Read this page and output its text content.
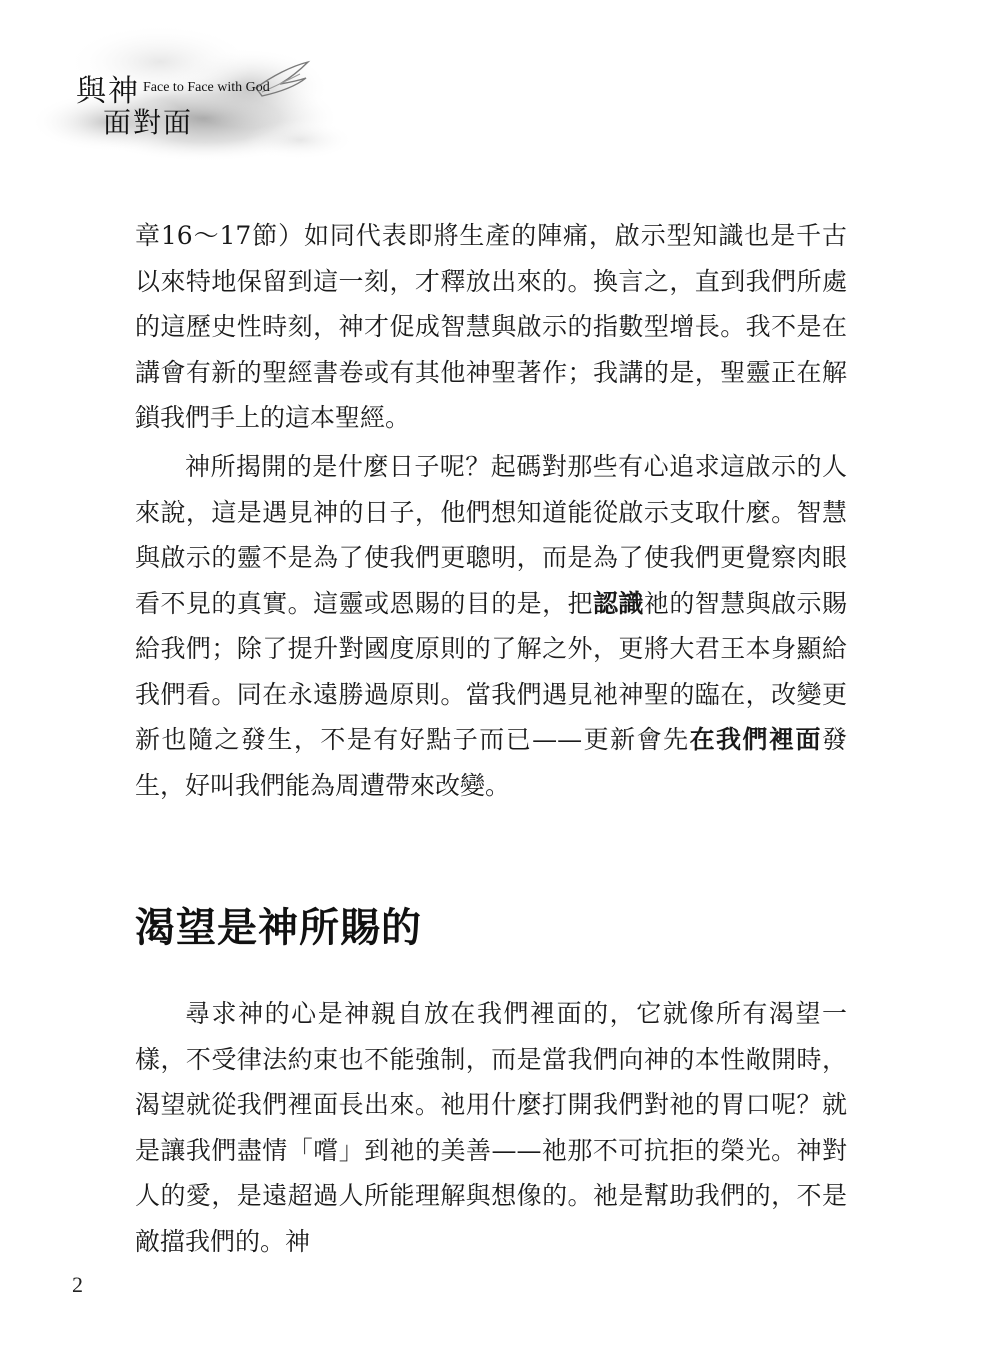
與神 Face to Face with God
面對面

章16～17節）如同代表即將生產的陣痛，啟示型知識也是千古以來特地保留到這一刻，才釋放出來的。換言之，直到我們所處的這歷史性時刻，神才促成智慧與啟示的指數型增長。我不是在講會有新的聖經書卷或有其他神聖著作；我講的是，聖靈正在解鎖我們手上的這本聖經。

神所揭開的是什麼日子呢？起碼對那些有心追求這啟示的人來說，這是遇見神的日子，他們想知道能從啟示支取什麼。智慧與啟示的靈不是為了使我們更聰明，而是為了使我們更覺察肉眼看不見的真實。這靈或恩賜的目的是，把認識祂的智慧與啟示賜給我們；除了提升對國度原則的了解之外，更將大君王本身顯給我們看。同在永遠勝過原則。當我們遇見祂神聖的臨在，改變更新也隨之發生，不是有好點子而已——更新會先在我們裡面發生，好叫我們能為周遭帶來改變。

渴望是神所賜的

尋求神的心是神親自放在我們裡面的，它就像所有渴望一樣，不受律法約束也不能強制，而是當我們向神的本性敞開時，渴望就從我們裡面長出來。祂用什麼打開我們對祂的胃口呢？就是讓我們盡情「嚐」到祂的美善——祂那不可抗拒的榮光。神對人的愛，是遠超過人所能理解與想像的。祂是幫助我們的，不是敵擋我們的。神

2
